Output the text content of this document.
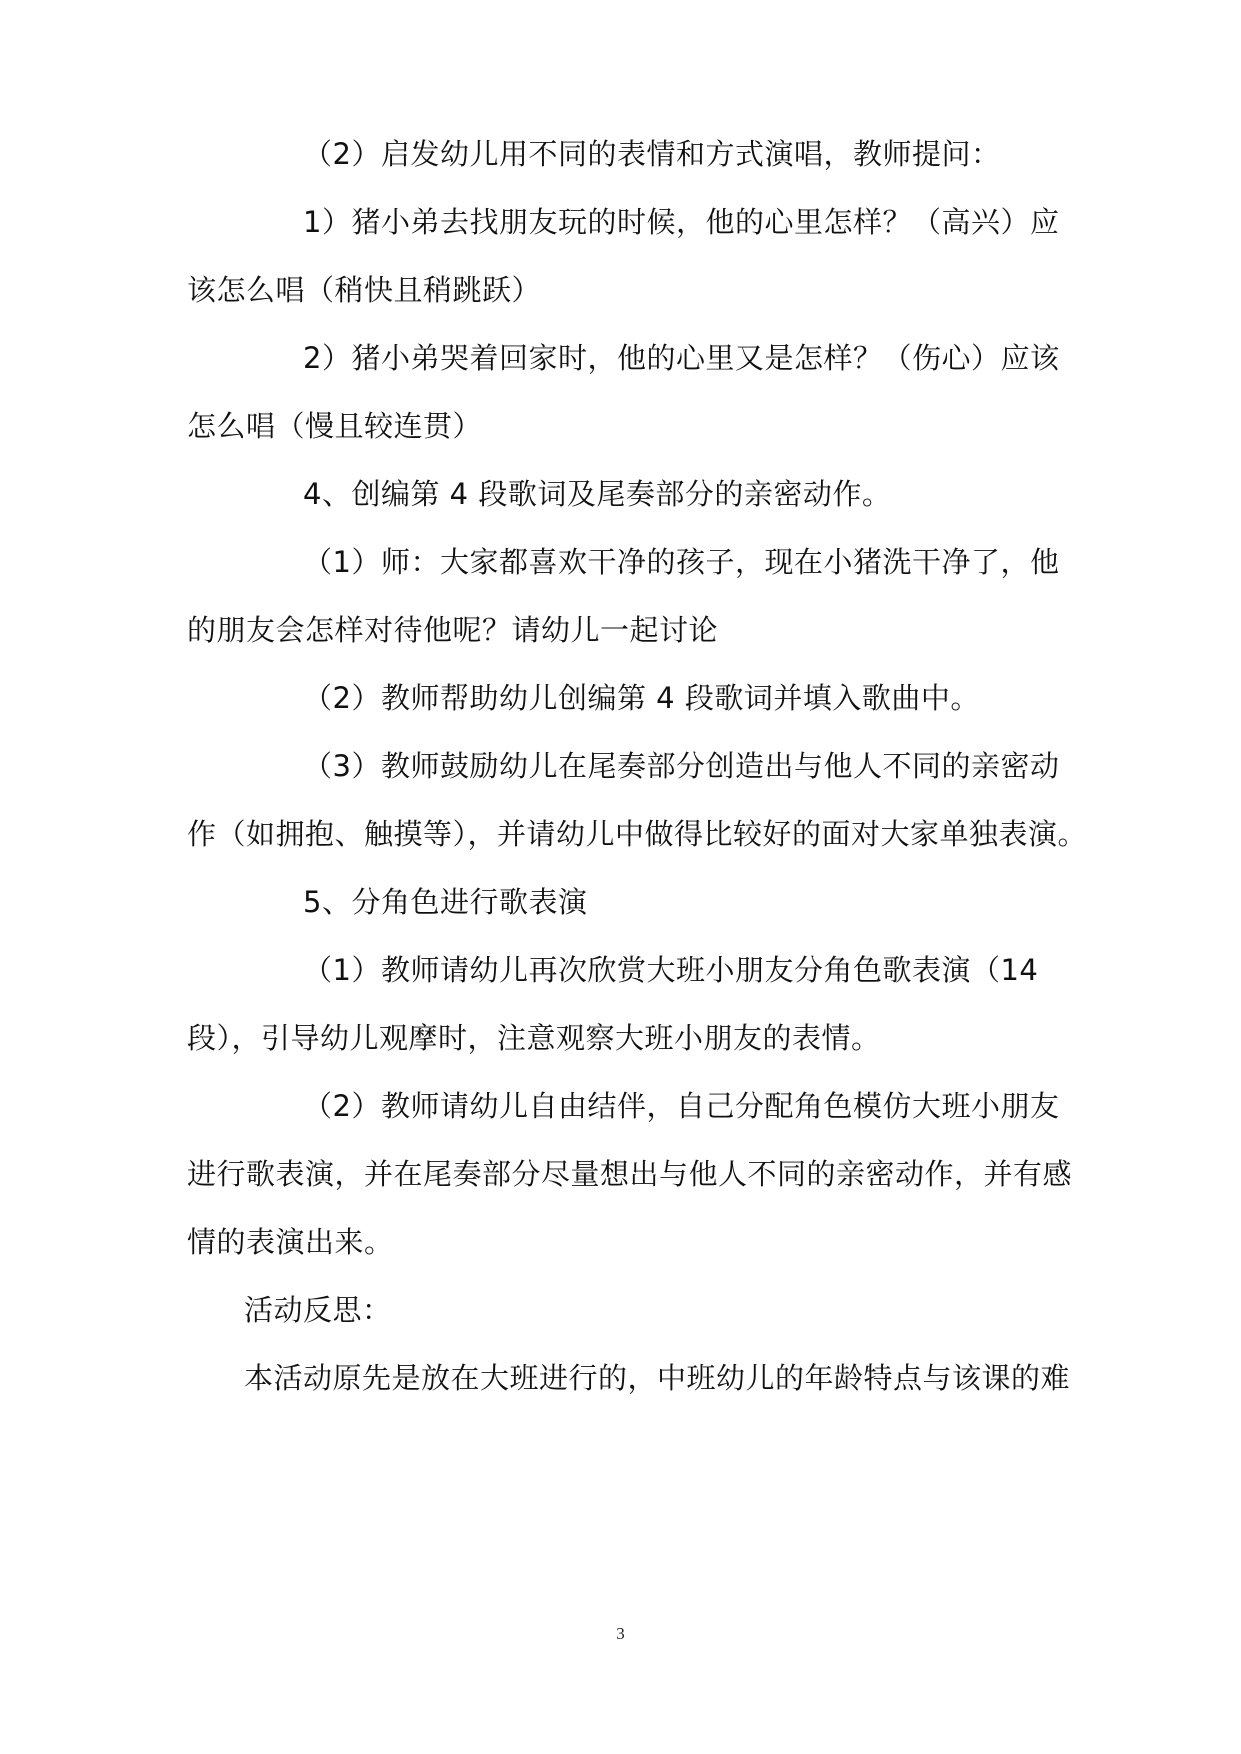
（2）启发幼儿用不同的表情和方式演唱，教师提问：
1）猪小弟去找朋友玩的时候，他的心里怎样？（高兴）应
该怎么唱（稍快且稍跳跃）
2）猪小弟哭着回家时，他的心里又是怎样？（伤心）应该
怎么唱（慢且较连贯）
4、创编第 4 段歌词及尾奏部分的亲密动作。
（1）师：大家都喜欢干净的孩子，现在小猪洗干净了，他
的朋友会怎样对待他呢？请幼儿一起讨论
（2）教师帮助幼儿创编第 4 段歌词并填入歌曲中。
（3）教师鼓励幼儿在尾奏部分创造出与他人不同的亲密动
作（如拥抱、触摸等），并请幼儿中做得比较好的面对大家单独表演。
5、分角色进行歌表演
（1）教师请幼儿再次欣赏大班小朋友分角色歌表演（14
段），引导幼儿观摩时，注意观察大班小朋友的表情。
（2）教师请幼儿自由结伴，自己分配角色模仿大班小朋友
进行歌表演，并在尾奏部分尽量想出与他人不同的亲密动作，并有感
情的表演出来。
活动反思：
本活动原先是放在大班进行的，中班幼儿的年龄特点与该课的难
3
